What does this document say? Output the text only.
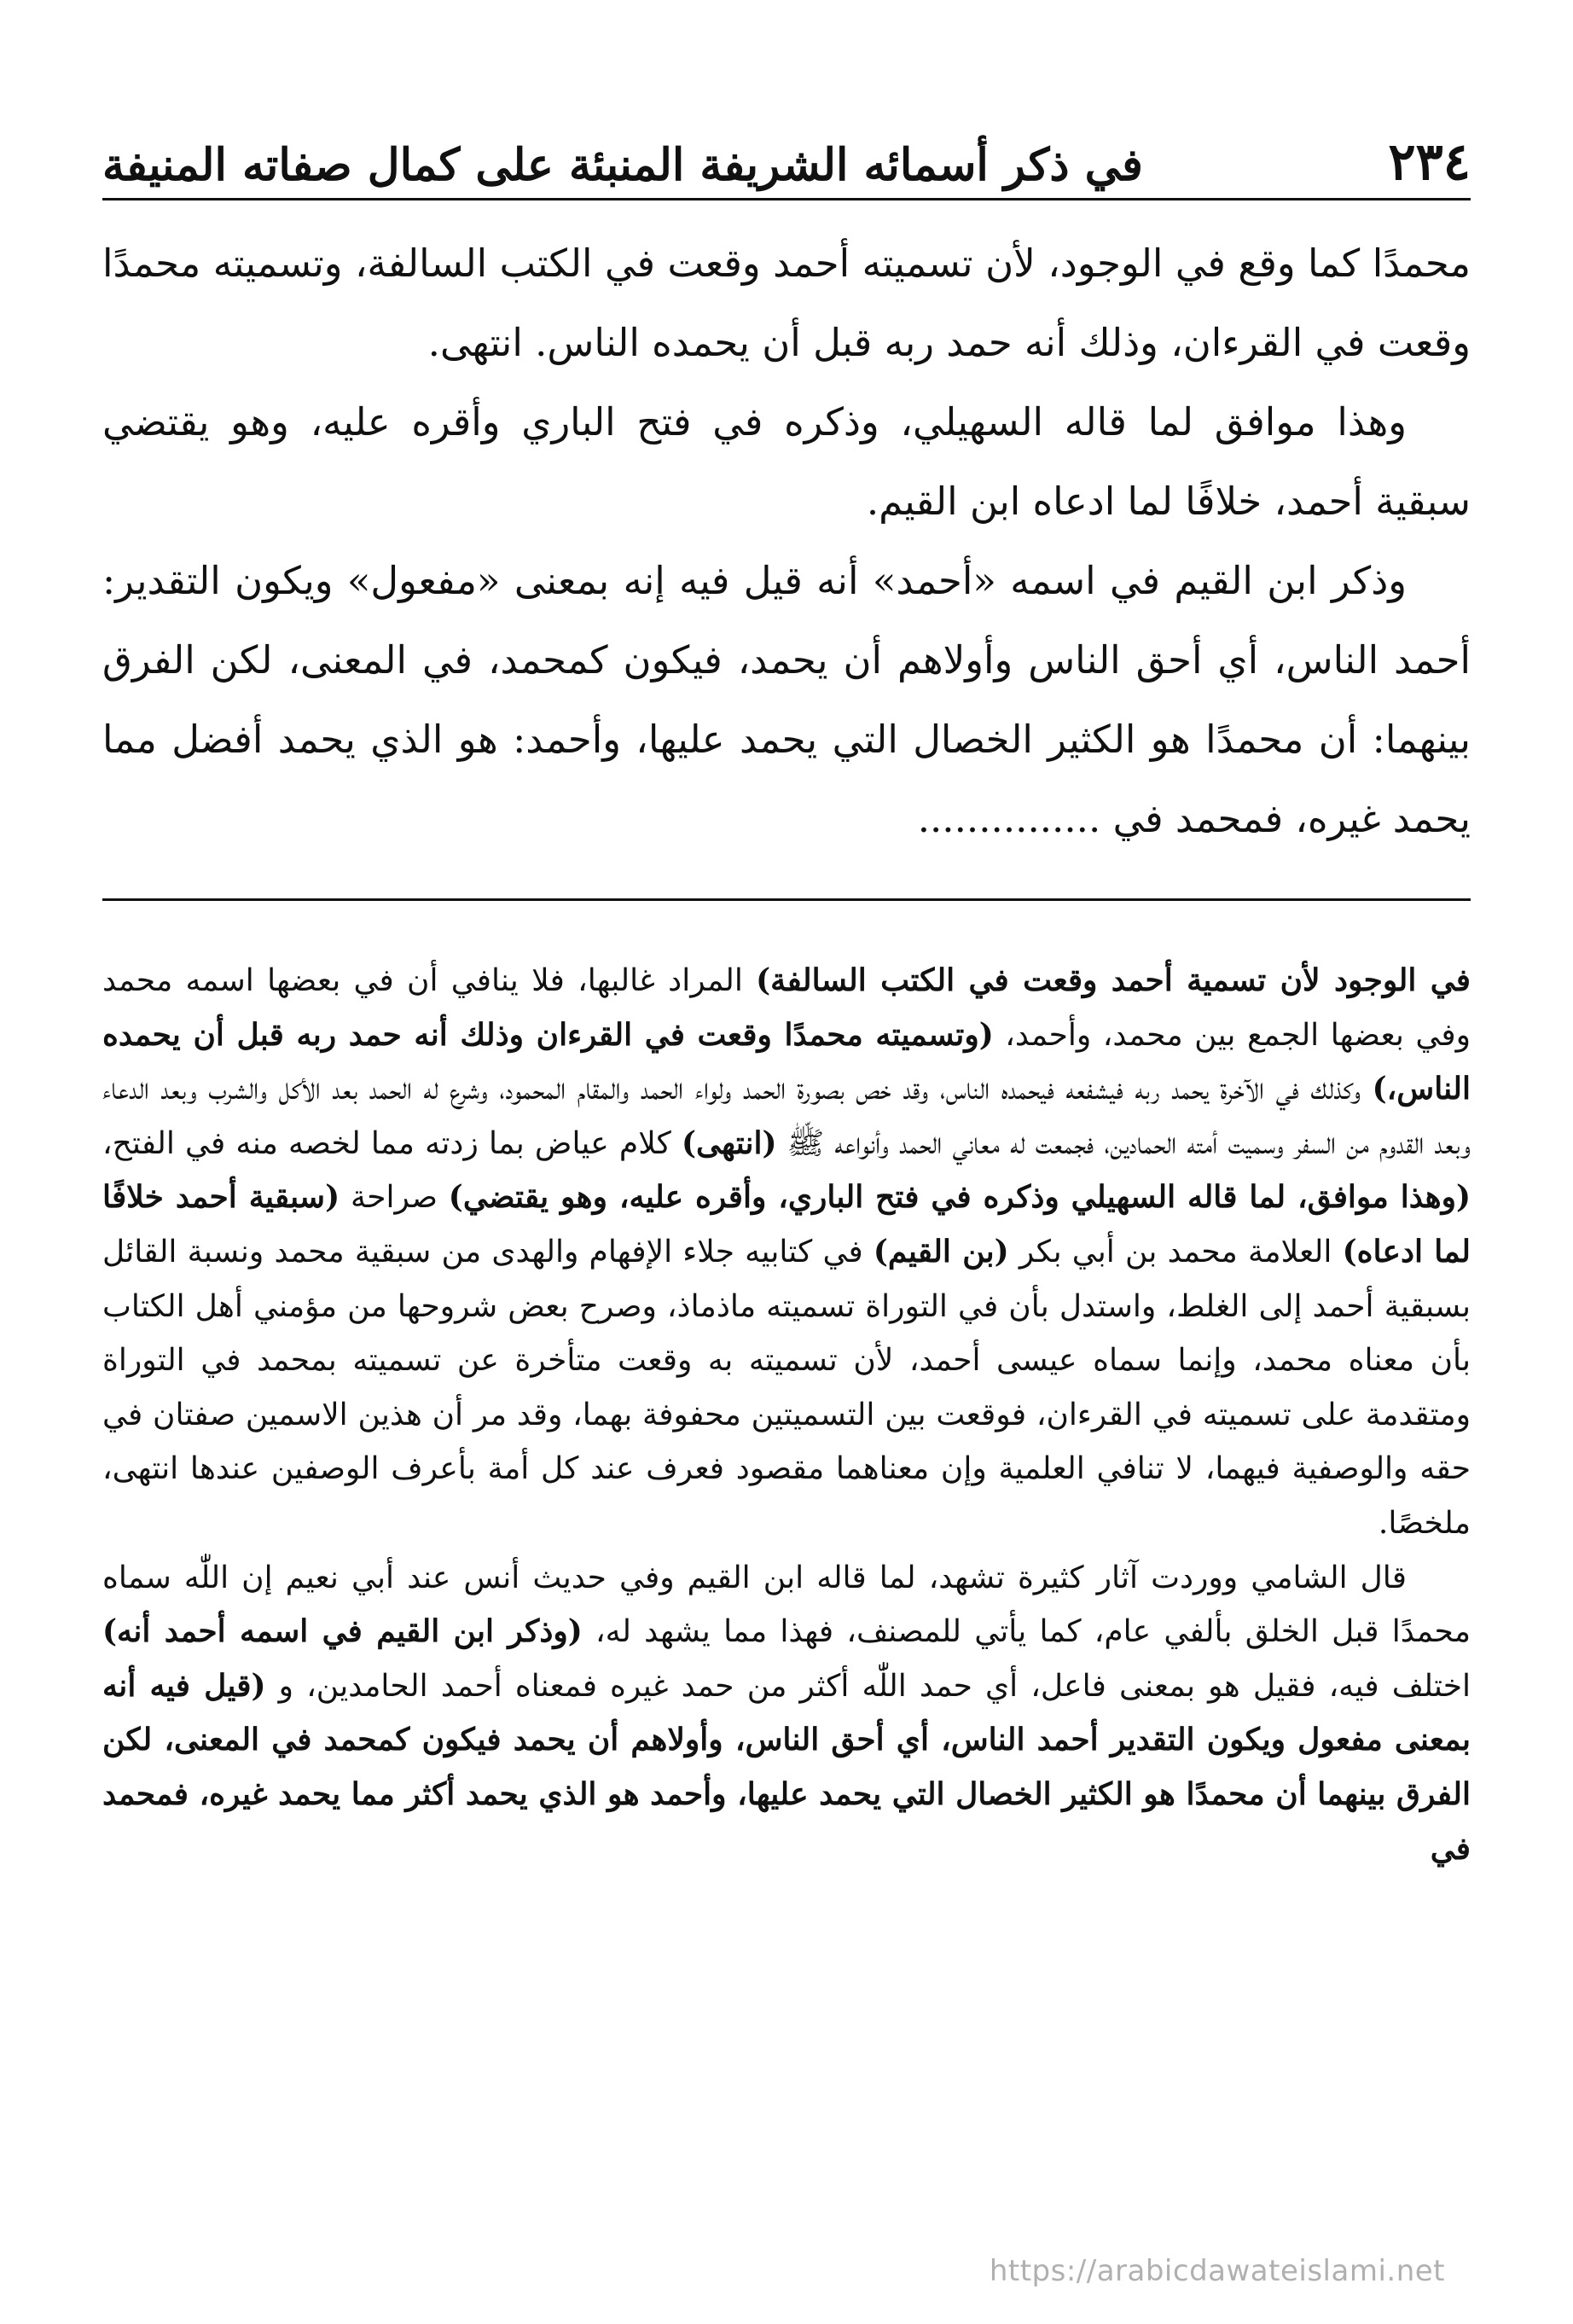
٢٣٤
في ذكر أسمائه الشريفة المنبئة على كمال صفاته المنيفة

محمدًا كما وقع في الوجود، لأن تسميته أحمد وقعت في الكتب السالفة، وتسميته محمدًا وقعت في القرءان، وذلك أنه حمد ربه قبل أن يحمده الناس. انتهى.

وهذا موافق لما قاله السهيلي، وذكره في فتح الباري وأقره عليه، وهو يقتضي سبقية أحمد، خلافًا لما ادعاه ابن القيم.

وذكر ابن القيم في اسمه «أحمد» أنه قيل فيه إنه بمعنى «مفعول» ويكون التقدير: أحمد الناس، أي أحق الناس وأولاهم أن يحمد، فيكون كمحمد، في المعنى، لكن الفرق بينهما: أن محمدًا هو الكثير الخصال التي يحمد عليها، وأحمد: هو الذي يحمد أفضل مما يحمد غيره، فمحمد في ...............

في الوجود لأن تسمية أحمد وقعت في الكتب السالفة) المراد غالبها، فلا ينافي أن في بعضها اسمه محمد وفي بعضها الجمع بين محمد، وأحمد، (وتسميته محمدًا وقعت في القرءان وذلك أنه حمد ربه قبل أن يحمده الناس،) وكذلك في الآخرة يحمد ربه فيشفعه فيحمده الناس، وقد خص بصورة الحمد ولواء الحمد والمقام المحمود، وشرع له الحمد بعد الأكل والشرب وبعد الدعاء وبعد القدوم من السفر وسميت أمته الحمادين، فجمعت له معاني الحمد وأنواعه ﷺ (انتهى) كلام عياض بما زدته مما لخصه منه في الفتح، (وهذا موافق، لما قاله السهيلي وذكره في فتح الباري، وأقره عليه، وهو يقتضي) صراحة (سبقية أحمد خلافًا لما ادعاه) العلامة محمد بن أبي بكر (بن القيم) في كتابيه جلاء الإفهام والهدى من سبقية محمد ونسبة القائل بسبقية أحمد إلى الغلط، واستدل بأن في التوراة تسميته ماذماذ، وصرح بعض شروحها من مؤمني أهل الكتاب بأن معناه محمد، وإنما سماه عيسى أحمد، لأن تسميته به وقعت متأخرة عن تسميته بمحمد في التوراة ومتقدمة على تسميته في القرءان، فوقعت بين التسميتين محفوفة بهما، وقد مر أن هذين الاسمين صفتان في حقه والوصفية فيهما، لا تنافي العلمية وإن معناهما مقصود فعرف عند كل أمة بأعرف الوصفين عندها انتهى، ملخصًا.

قال الشامي ووردت آثار كثيرة تشهد، لما قاله ابن القيم وفي حديث أنس عند أبي نعيم إن اللّٰه سماه محمدًا قبل الخلق بألفي عام، كما يأتي للمصنف، فهذا مما يشهد له، (وذكر ابن القيم في اسمه أحمد أنه) اختلف فيه، فقيل هو بمعنى فاعل، أي حمد اللّٰه أكثر من حمد غيره فمعناه أحمد الحامدين، و (قيل فيه أنه بمعنى مفعول ويكون التقدير أحمد الناس، أي أحق الناس، وأولاهم أن يحمد فيكون كمحمد في المعنى، لكن الفرق بينهما أن محمدًا هو الكثير الخصال التي يحمد عليها، وأحمد هو الذي يحمد أكثر مما يحمد غيره، فمحمد في

https://arabicdawateislami.net
